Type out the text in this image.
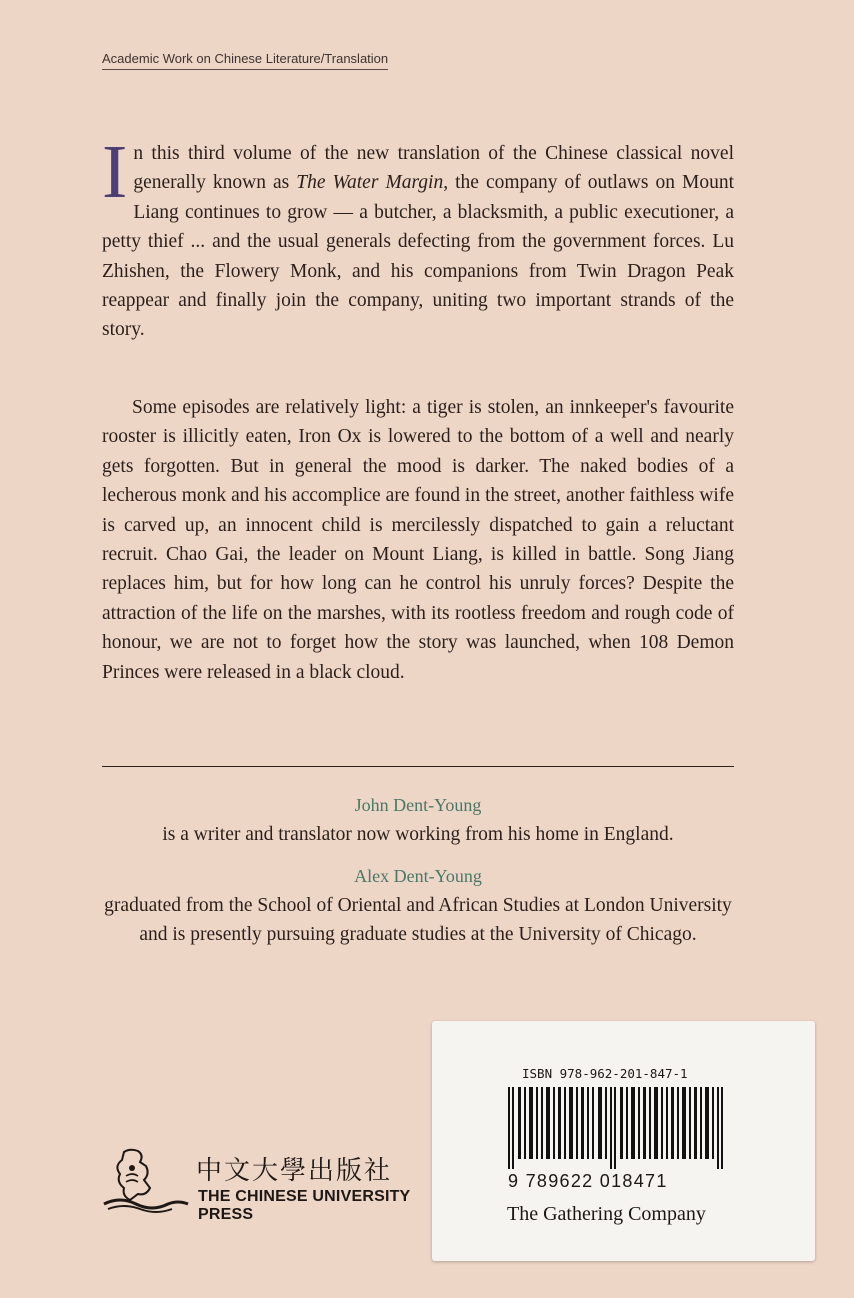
Academic Work on Chinese Literature/Translation
In this third volume of the new translation of the Chinese classical novel generally known as The Water Margin, the company of outlaws on Mount Liang continues to grow — a butcher, a blacksmith, a public executioner, a petty thief ... and the usual generals defecting from the government forces. Lu Zhishen, the Flowery Monk, and his companions from Twin Dragon Peak reappear and finally join the company, uniting two important strands of the story.
Some episodes are relatively light: a tiger is stolen, an innkeeper's favourite rooster is illicitly eaten, Iron Ox is lowered to the bottom of a well and nearly gets forgotten. But in general the mood is darker. The naked bodies of a lecherous monk and his accomplice are found in the street, another faithless wife is carved up, an innocent child is mercilessly dispatched to gain a reluctant recruit. Chao Gai, the leader on Mount Liang, is killed in battle. Song Jiang replaces him, but for how long can he control his unruly forces? Despite the attraction of the life on the marshes, with its rootless freedom and rough code of honour, we are not to forget how the story was launched, when 108 Demon Princes were released in a black cloud.
John Dent-Young
is a writer and translator now working from his home in England.
Alex Dent-Young
graduated from the School of Oriental and African Studies at London University and is presently pursuing graduate studies at the University of Chicago.
中文大學出版社
THE CHINESE UNIVERSITY PRESS
ISBN 978-962-201-847-1
9 789622 018471
The Gathering Company
